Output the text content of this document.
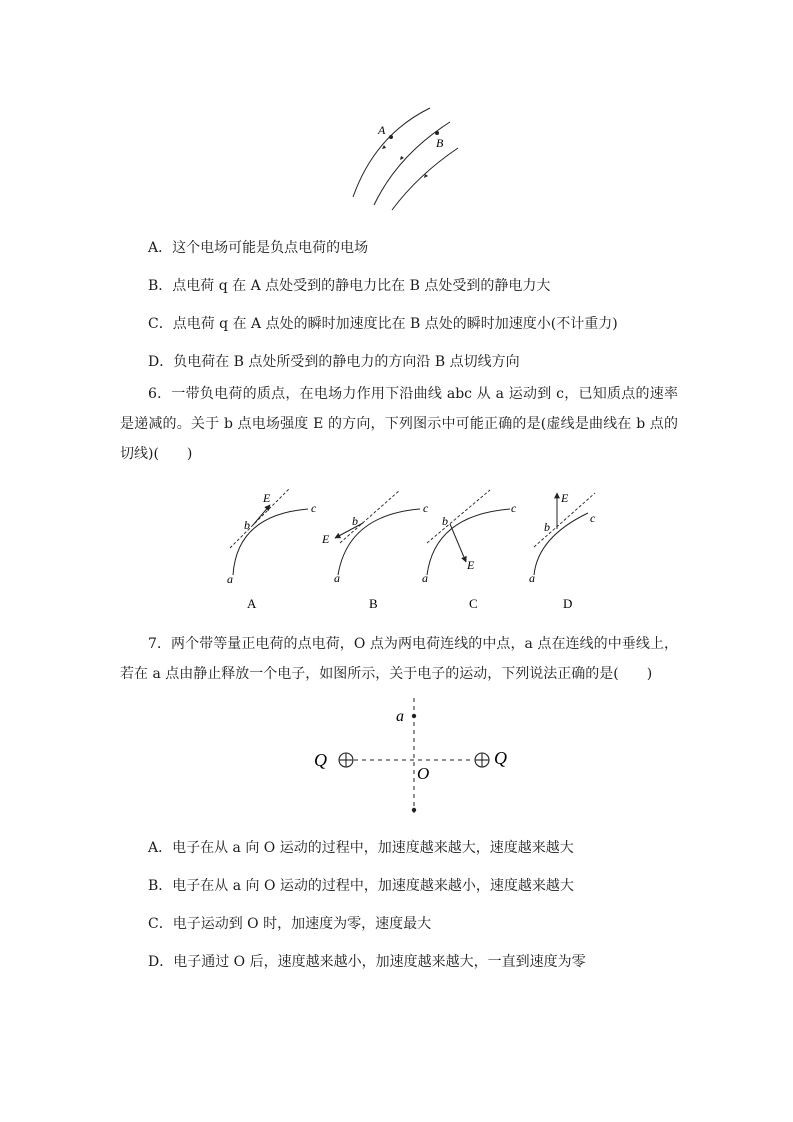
A
B
A．这个电场可能是负点电荷的电场
B．点电荷 q 在 A 点处受到的静电力比在 B 点处受到的静电力大
C．点电荷 q 在 A 点处的瞬时加速度比在 B 点处的瞬时加速度小(不计重力)
D．负电荷在 B 点处所受到的静电力的方向沿 B 点切线方向
6．一带负电荷的质点，在电场力作用下沿曲线 abc 从 a 运动到 c，已知质点的速率是递减的。关于 b 点电场强度 E 的方向，下列图示中可能正确的是(虚线是曲线在 b 点的切线)(　　)
a
b
c
E
a
b
c
E
a
b
c
E
a
b
c
E
A	B	C	D
7．两个带等量正电荷的点电荷，O 点为两电荷连线的中点，a 点在连线的中垂线上，若在 a 点由静止释放一个电子，如图所示，关于电子的运动，下列说法正确的是(　　)
a
O
Q	Q
A．电子在从 a 向 O 运动的过程中，加速度越来越大，速度越来越大
B．电子在从 a 向 O 运动的过程中，加速度越来越小，速度越来越大
C．电子运动到 O 时，加速度为零，速度最大
D．电子通过 O 后，速度越来越小，加速度越来越大，一直到速度为零
